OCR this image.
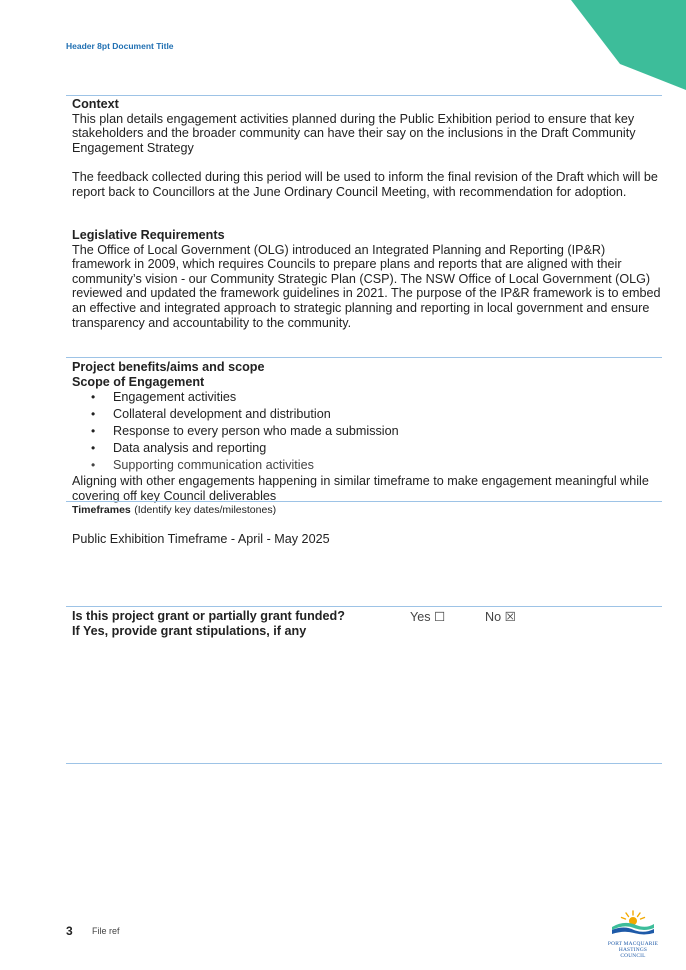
Header 8pt Document Title
Context

This plan details engagement activities planned during the Public Exhibition period to ensure that key stakeholders and the broader community can have their say on the inclusions in the Draft Community Engagement Strategy

The feedback collected during this period will be used to inform the final revision of the Draft which will be report back to Councillors at the June Ordinary Council Meeting, with recommendation for adoption.

Legislative Requirements

The Office of Local Government (OLG) introduced an Integrated Planning and Reporting (IP&R) framework in 2009, which requires Councils to prepare plans and reports that are aligned with their community’s vision - our Community Strategic Plan (CSP). The NSW Office of Local Government (OLG) reviewed and updated the framework guidelines in 2021. The purpose of the IP&R framework is to embed an effective and integrated approach to strategic planning and reporting in local government and ensure transparency and accountability to the community.

Project benefits/aims and scope
Scope of Engagement
• Engagement activities
• Collateral development and distribution
• Response to every person who made a submission
• Data analysis and reporting
• Supporting communication activities

Aligning with other engagements happening in similar timeframe to make engagement meaningful while covering off key Council deliverables

Timeframes (Identify key dates/milestones)
Public Exhibition Timeframe - April - May 2025
Is this project grant or partially grant funded?
If Yes, provide grant stipulations, if any
Yes ☐	No ☒
3 File ref
PORT MACQUARIE
HASTINGS COUNCIL
